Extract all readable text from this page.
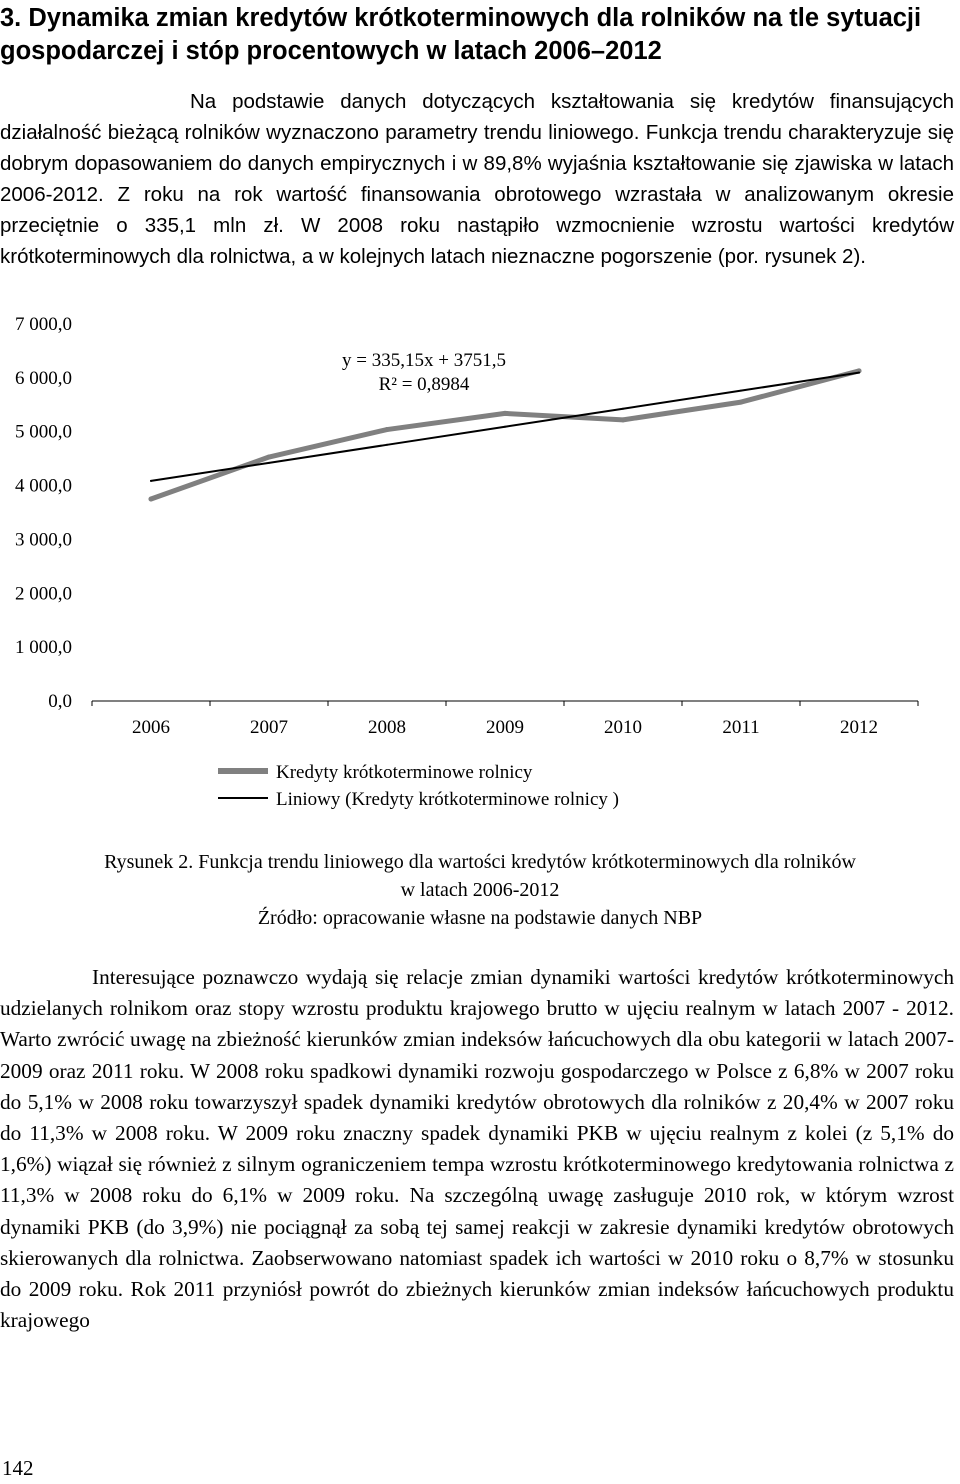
3. Dynamika zmian kredytów krótkoterminowych dla rolników na tle sytuacji gospodarczej i stóp procentowych w latach 2006–2012

Na podstawie danych dotyczących kształtowania się kredytów finansujących działalność bieżącą rolników wyznaczono parametry trendu liniowego. Funkcja trendu charakteryzuje się dobrym dopasowaniem do danych empirycznych i w 89,8% wyjaśnia kształtowanie się zjawiska w latach 2006-2012. Z roku na rok wartość finansowania obrotowego wzrastała w analizowanym okresie przeciętnie o 335,1 mln zł. W 2008 roku nastąpiło wzmocnienie wzrostu wartości kredytów krótkoterminowych dla rolnictwa, a w kolejnych latach nieznaczne pogorszenie (por. rysunek 2).

7 000,0
6 000,0
5 000,0
4 000,0
3 000,0
2 000,0
1 000,0
0,0
2006	2007	2008	2009	2010	2011	2012
y = 335,15x + 3751,5
R² = 0,8984
Kredyty krótkoterminowe rolnicy
Liniowy (Kredyty krótkoterminowe rolnicy )
Rysunek 2. Funkcja trendu liniowego dla wartości kredytów krótkoterminowych dla rolników
w latach 2006-2012
Źródło: opracowanie własne na podstawie danych NBP

Interesujące poznawczo wydają się relacje zmian dynamiki wartości kredytów krótkoterminowych udzielanych rolnikom oraz stopy wzrostu produktu krajowego brutto w ujęciu realnym w latach 2007 - 2012. Warto zwrócić uwagę na zbieżność kierunków zmian indeksów łańcuchowych dla obu kategorii w latach 2007-2009 oraz 2011 roku. W 2008 roku spadkowi dynamiki rozwoju gospodarczego w Polsce z 6,8% w 2007 roku do 5,1% w 2008 roku towarzyszył spadek dynamiki kredytów obrotowych dla rolników z 20,4% w 2007 roku do 11,3% w 2008 roku. W 2009 roku znaczny spadek dynamiki PKB w ujęciu realnym z kolei (z 5,1% do 1,6%) wiązał się również z silnym ograniczeniem tempa wzrostu krótkoterminowego kredytowania rolnictwa z 11,3% w 2008 roku do 6,1% w 2009 roku. Na szczególną uwagę zasługuje 2010 rok, w którym wzrost dynamiki PKB (do 3,9%) nie pociągnął za sobą tej samej reakcji w zakresie dynamiki kredytów obrotowych skierowanych dla rolnictwa. Zaobserwowano natomiast spadek ich wartości w 2010 roku o 8,7% w stosunku do 2009 roku. Rok 2011 przyniósł powrót do zbieżnych kierunków zmian indeksów łańcuchowych produktu krajowego

142
